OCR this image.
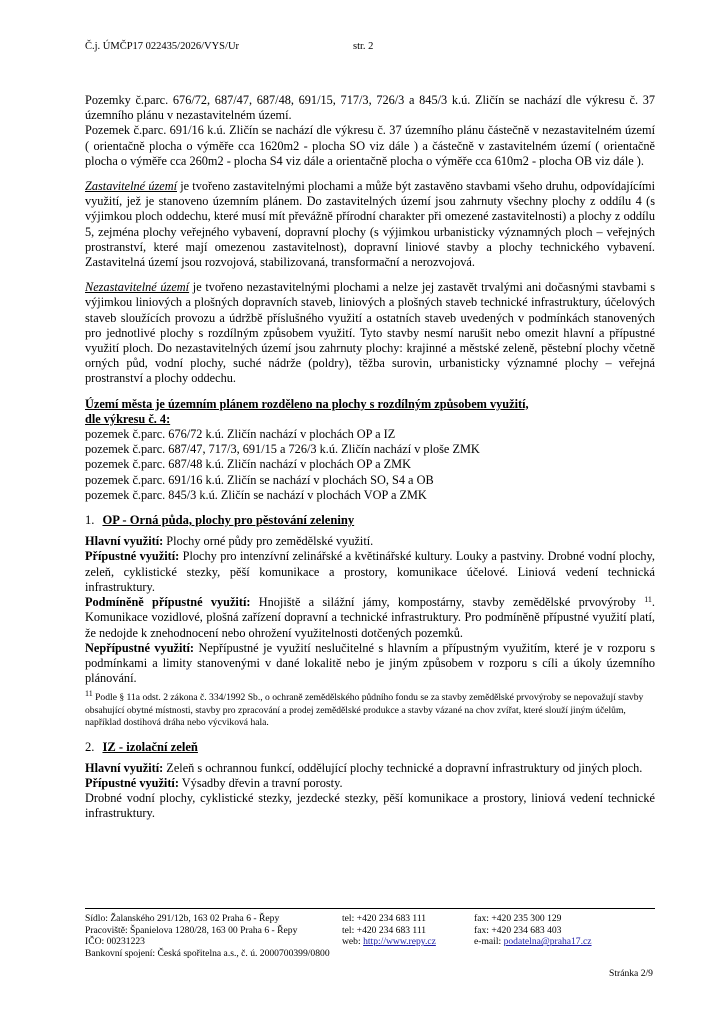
Č.j. ÚMČP17 022435/2026/VYS/Ur	str. 2

Pozemky č.parc. 676/72, 687/47, 687/48, 691/15, 717/3, 726/3 a 845/3 k.ú. Zličín se nachází dle výkresu č. 37 územního plánu v nezastavitelném území.

Pozemek č.parc. 691/16 k.ú. Zličín se nachází dle výkresu č. 37 územního plánu částečně v nezastavitelném území ( orientačně plocha o výměře cca 1620m2 - plocha SO viz dále ) a částečně v zastavitelném území ( orientačně plocha o výměře cca 260m2 - plocha S4 viz dále a orientačně plocha o výměře cca 610m2 - plocha OB viz dále ).

Zastavitelné území je tvořeno zastavitelnými plochami a může být zastavěno stavbami všeho druhu, odpovídajícími využití, jež je stanoveno územním plánem. Do zastavitelných území jsou zahrnuty všechny plochy z oddílu 4 (s výjimkou ploch oddechu, které musí mít převážně přírodní charakter při omezené zastavitelnosti) a plochy z oddílu 5, zejména plochy veřejného vybavení, dopravní plochy (s výjimkou urbanisticky významných ploch – veřejných prostranství, které mají omezenou zastavitelnost), dopravní liniové stavby a plochy technického vybavení. Zastavitelná území jsou rozvojová, stabilizovaná, transformační a nerozvojová.

Nezastavitelné území je tvořeno nezastavitelnými plochami a nelze jej zastavět trvalými ani dočasnými stavbami s výjimkou liniových a plošných dopravních staveb, liniových a plošných staveb technické infrastruktury, účelových staveb sloužících provozu a údržbě příslušného využití a ostatních staveb uvedených v podmínkách stanovených pro jednotlivé plochy s rozdílným způsobem využití. Tyto stavby nesmí narušit nebo omezit hlavní a přípustné využití ploch. Do nezastavitelných území jsou zahrnuty plochy: krajinné a městské zeleně, pěstební plochy včetně orných půd, vodní plochy, suché nádrže (poldry), těžba surovin, urbanisticky významné plochy – veřejná prostranství a plochy oddechu.

Území města je územním plánem rozděleno na plochy s rozdílným způsobem využití,

dle výkresu č. 4:

pozemek č.parc. 676/72 k.ú. Zličín nachází v plochách OP a IZ

pozemek č.parc. 687/47, 717/3, 691/15 a 726/3 k.ú. Zličín nachází v ploše ZMK

pozemek č.parc. 687/48 k.ú. Zličín nachází v plochách OP a ZMK

pozemek č.parc. 691/16 k.ú. Zličín se nachází v plochách SO, S4 a OB

pozemek č.parc. 845/3 k.ú. Zličín se nachází v plochách VOP a ZMK

1. OP - Orná půda, plochy pro pěstování zeleniny

Hlavní využití: Plochy orné půdy pro zemědělské využití.

Přípustné využití: Plochy pro intenzívní zelinářské a květinářské kultury. Louky a pastviny. Drobné vodní plochy, zeleň, cyklistické stezky, pěší komunikace a prostory, komunikace účelové. Liniová vedení technická infrastruktury.

Podmíněně přípustné využití: Hnojiště a silážní jámy, kompostárny, stavby zemědělské prvovýroby $^{11}$. Komunikace vozidlové, plošná zařízení dopravní a technické infrastruktury. Pro podmíněně přípustné využití platí, že nedojde k znehodnocení nebo ohrožení využitelnosti dotčených pozemků.

Nepřípustné využití: Nepřípustné je využití neslučitelné s hlavním a přípustným využitím, které je v rozporu s podmínkami a limity stanovenými v dané lokalitě nebo je jiným způsobem v rozporu s cíli a úkoly územního plánování.

$^{11}$ Podle § 11a odst. 2 zákona č. 334/1992 Sb., o ochraně zemědělského půdního fondu se za stavby zemědělské prvovýroby se nepovažují stavby obsahující obytné místnosti, stavby pro zpracování a prodej zemědělské produkce a stavby vázané na chov zvířat, které slouží jiným účelům, například dostihová dráha nebo výcviková hala.

2. IZ - izolační zeleň

Hlavní využití: Zeleň s ochrannou funkcí, oddělující plochy technické a dopravní infrastruktury od jiných ploch.

Přípustné využití: Výsadby dřevin a travní porosty.

Drobné vodní plochy, cyklistické stezky, jezdecké stezky, pěší komunikace a prostory, liniová vedení technické infrastruktury.

Sídlo: Žalanského 291/12b, 163 02 Praha 6 - Řepy
Pracoviště: Španielova 1280/28, 163 00 Praha 6 - Řepy
IČO: 00231223
Bankovní spojení: Česká spořitelna a.s., č. ú. 2000700399/0800
tel: +420 234 683 111
tel: +420 234 683 111
web: http://www.repy.cz
fax: +420 235 300 129
fax: +420 234 683 403
e-mail: podatelna@praha17.cz
Stránka 2/9
